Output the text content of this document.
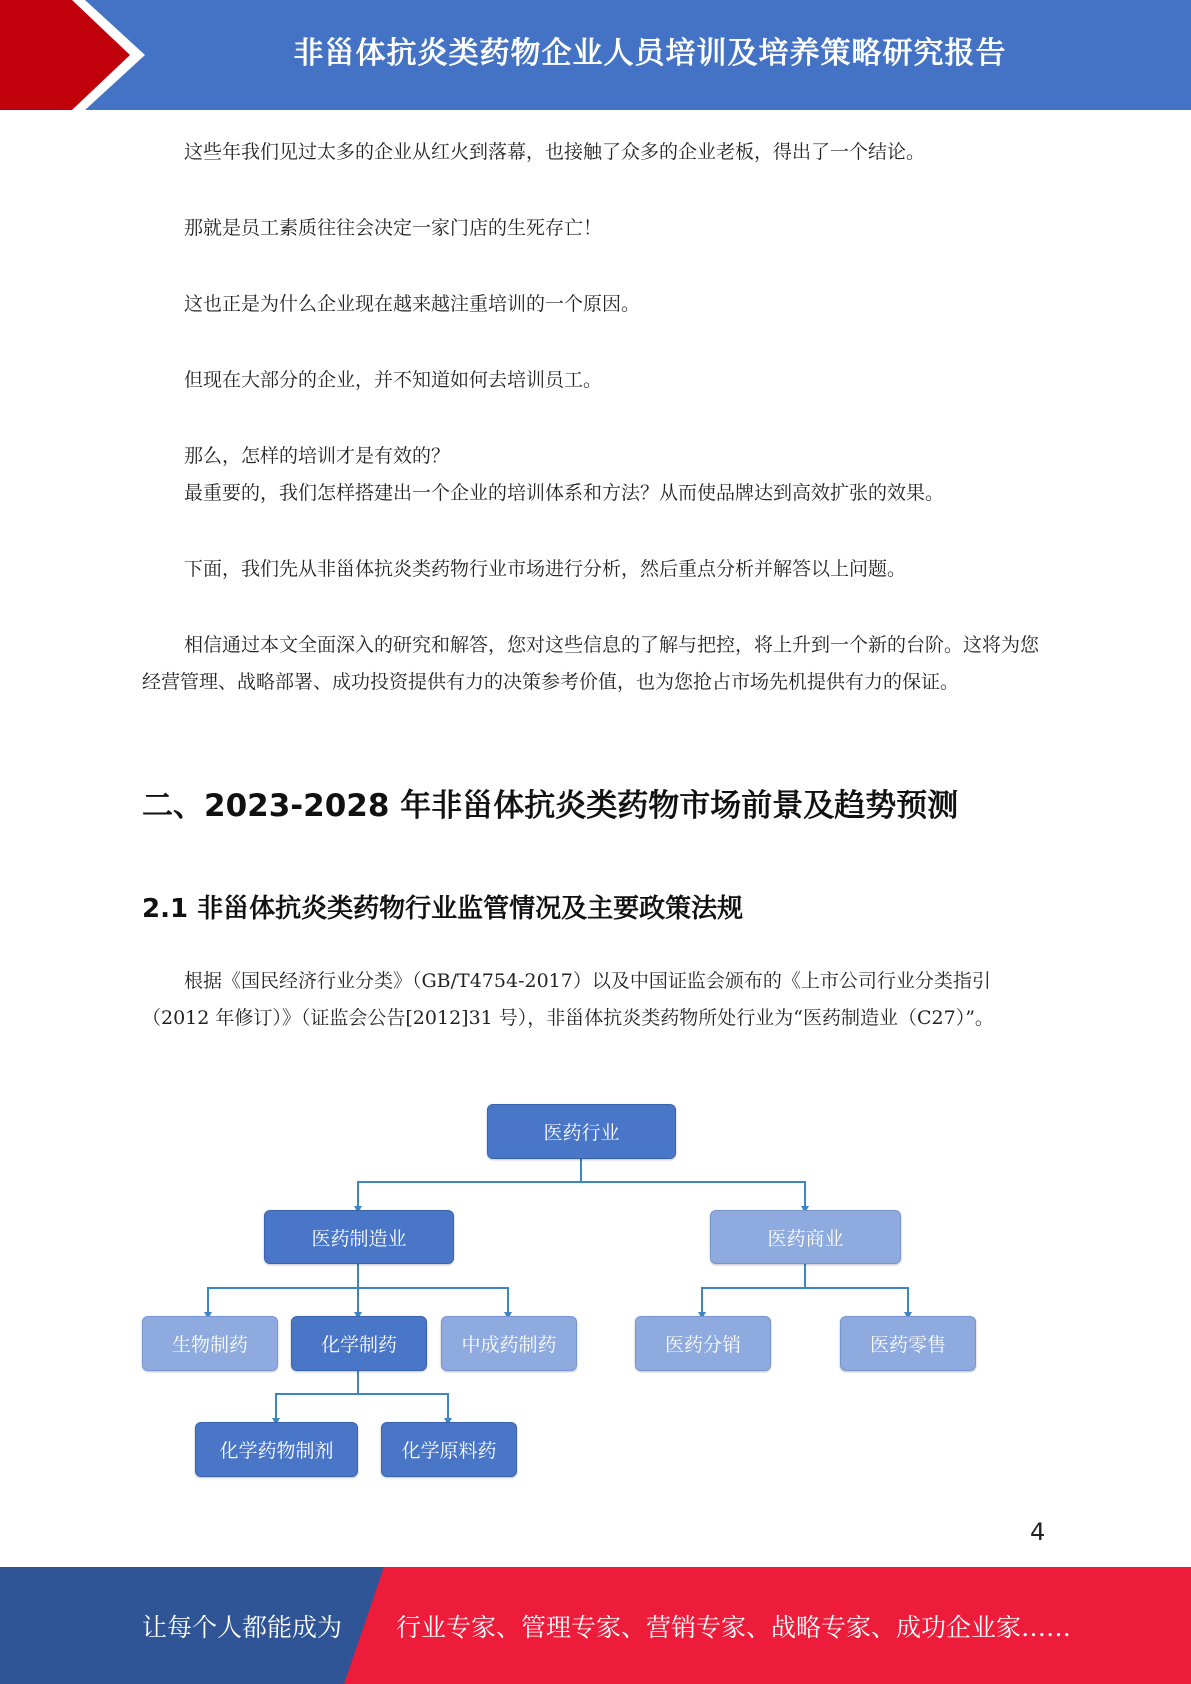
非甾体抗炎类药物企业人员培训及培养策略研究报告
这些年我们见过太多的企业从红火到落幕，也接触了众多的企业老板，得出了一个结论。
那就是员工素质往往会决定一家门店的生死存亡！
这也正是为什么企业现在越来越注重培训的一个原因。
但现在大部分的企业，并不知道如何去培训员工。
那么，怎样的培训才是有效的？
最重要的，我们怎样搭建出一个企业的培训体系和方法？从而使品牌达到高效扩张的效果。
下面，我们先从非甾体抗炎类药物行业市场进行分析，然后重点分析并解答以上问题。
相信通过本文全面深入的研究和解答，您对这些信息的了解与把控，将上升到一个新的台阶。这将为您经营管理、战略部署、成功投资提供有力的决策参考价值，也为您抢占市场先机提供有力的保证。
二、2023-2028 年非甾体抗炎类药物市场前景及趋势预测
2.1 非甾体抗炎类药物行业监管情况及主要政策法规
根据《国民经济行业分类》（GB/T4754-2017）以及中国证监会颁布的《上市公司行业分类指引（2012 年修订）》（证监会公告[2012]31 号），非甾体抗炎类药物所处行业为“医药制造业（C27）”。
医药行业
医药制造业	医药商业
生物制药	化学制药	中成药制药	医药分销	医药零售
化学药物制剂	化学原料药
4
让每个人都能成为 行业专家、管理专家、营销专家、战略专家、成功企业家……
